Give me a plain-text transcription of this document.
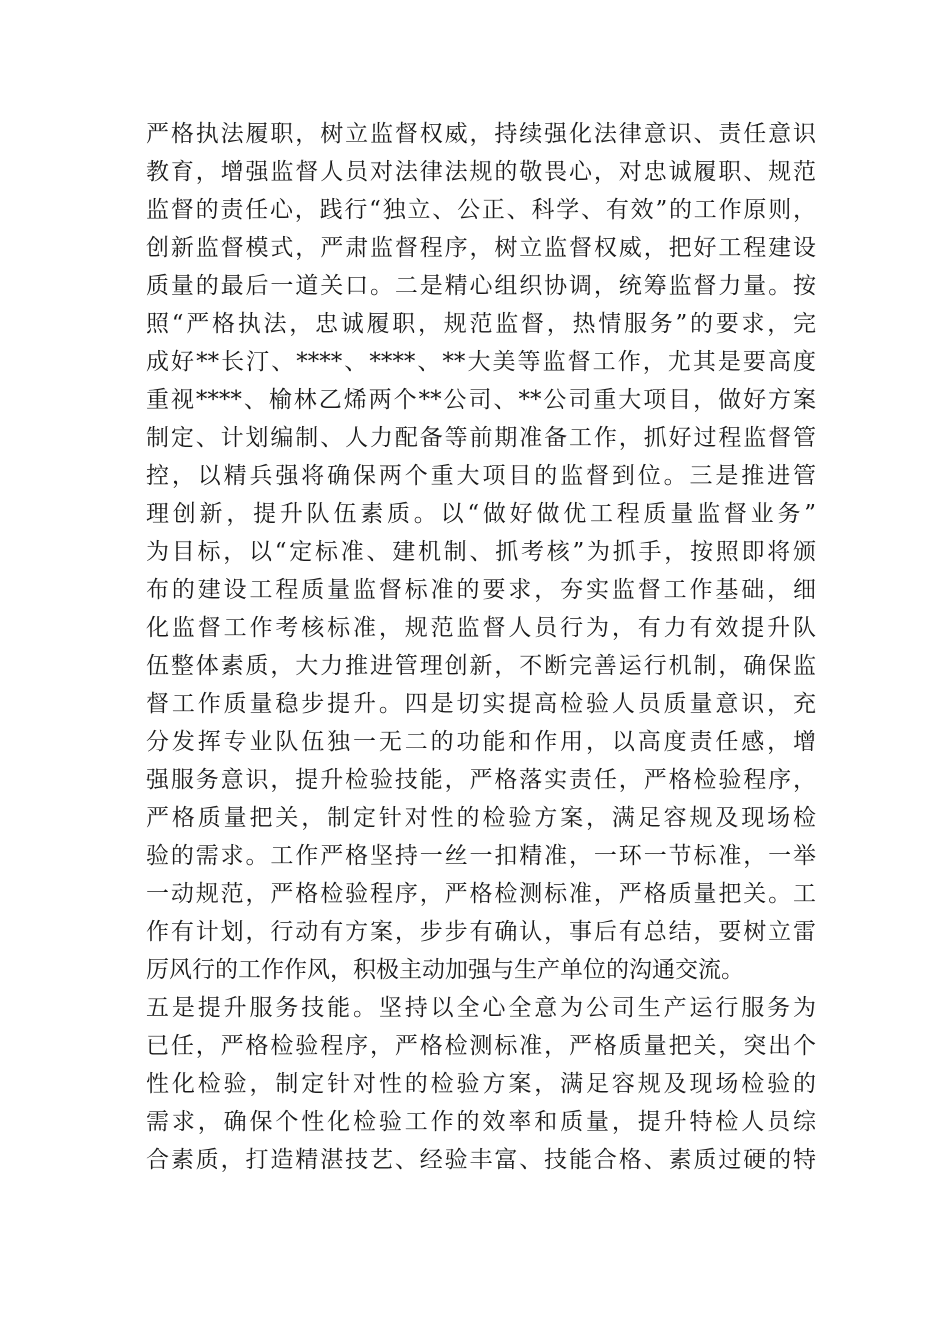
严格执法履职，树立监督权威，持续强化法律意识、责任意识
教育，增强监督人员对法律法规的敬畏心，对忠诚履职、规范
监督的责任心，践行“独立、公正、科学、有效”的工作原则，
创新监督模式，严肃监督程序，树立监督权威，把好工程建设
质量的最后一道关口。二是精心组织协调，统筹监督力量。按
照“严格执法，忠诚履职，规范监督，热情服务”的要求，完
成好**长汀、****、****、**大美等监督工作，尤其是要高度
重视****、榆林乙烯两个**公司、**公司重大项目，做好方案
制定、计划编制、人力配备等前期准备工作，抓好过程监督管
控，以精兵强将确保两个重大项目的监督到位。三是推进管
理创新，提升队伍素质。以“做好做优工程质量监督业务”
为目标，以“定标准、建机制、抓考核”为抓手，按照即将颁
布的建设工程质量监督标准的要求，夯实监督工作基础，细
化监督工作考核标准，规范监督人员行为，有力有效提升队
伍整体素质，大力推进管理创新，不断完善运行机制，确保监
督工作质量稳步提升。四是切实提高检验人员质量意识，充
分发挥专业队伍独一无二的功能和作用，以高度责任感，增
强服务意识，提升检验技能，严格落实责任，严格检验程序，
严格质量把关，制定针对性的检验方案，满足容规及现场检
验的需求。工作严格坚持一丝一扣精准，一环一节标准，一举
一动规范，严格检验程序，严格检测标准，严格质量把关。工
作有计划，行动有方案，步步有确认，事后有总结，要树立雷
厉风行的工作作风，积极主动加强与生产单位的沟通交流。
五是提升服务技能。坚持以全心全意为公司生产运行服务为
已任，严格检验程序，严格检测标准，严格质量把关，突出个
性化检验，制定针对性的检验方案，满足容规及现场检验的
需求，确保个性化检验工作的效率和质量，提升特检人员综
合素质，打造精湛技艺、经验丰富、技能合格、素质过硬的特
